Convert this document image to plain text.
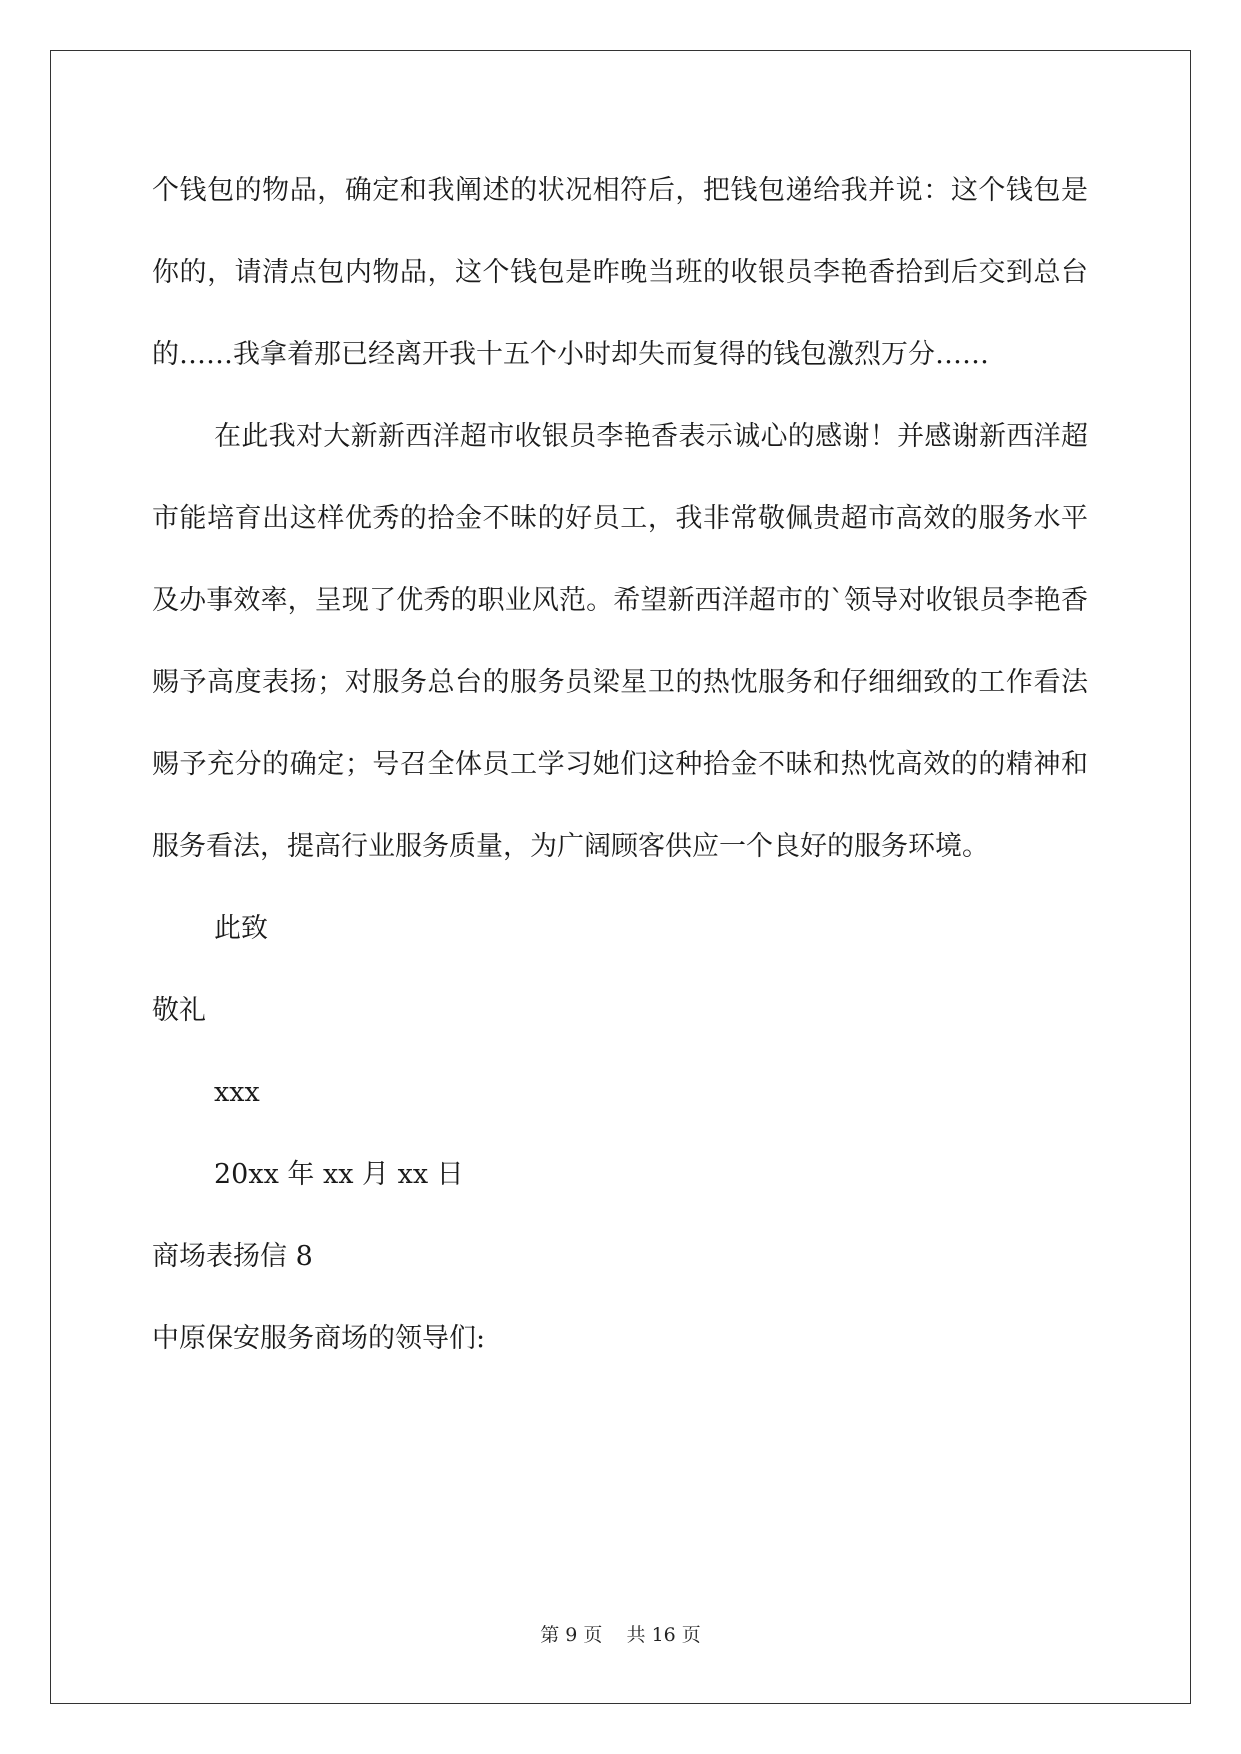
个钱包的物品，确定和我阐述的状况相符后，把钱包递给我并说：这个钱包是你的，请清点包内物品，这个钱包是昨晚当班的收银员李艳香拾到后交到总台的……我拿着那已经离开我十五个小时却失而复得的钱包激烈万分……

在此我对大新新西洋超市收银员李艳香表示诚心的感谢！并感谢新西洋超市能培育出这样优秀的拾金不昧的好员工，我非常敬佩贵超市高效的服务水平及办事效率，呈现了优秀的职业风范。希望新西洋超市的`领导对收银员李艳香赐予高度表扬；对服务总台的服务员梁星卫的热忱服务和仔细细致的工作看法赐予充分的确定；号召全体员工学习她们这种拾金不昧和热忱高效的的精神和服务看法，提高行业服务质量，为广阔顾客供应一个良好的服务环境。

此致

敬礼

xxx

20xx 年 xx 月 xx 日

商场表扬信 8

中原保安服务商场的领导们:

第 9 页 共 16 页
